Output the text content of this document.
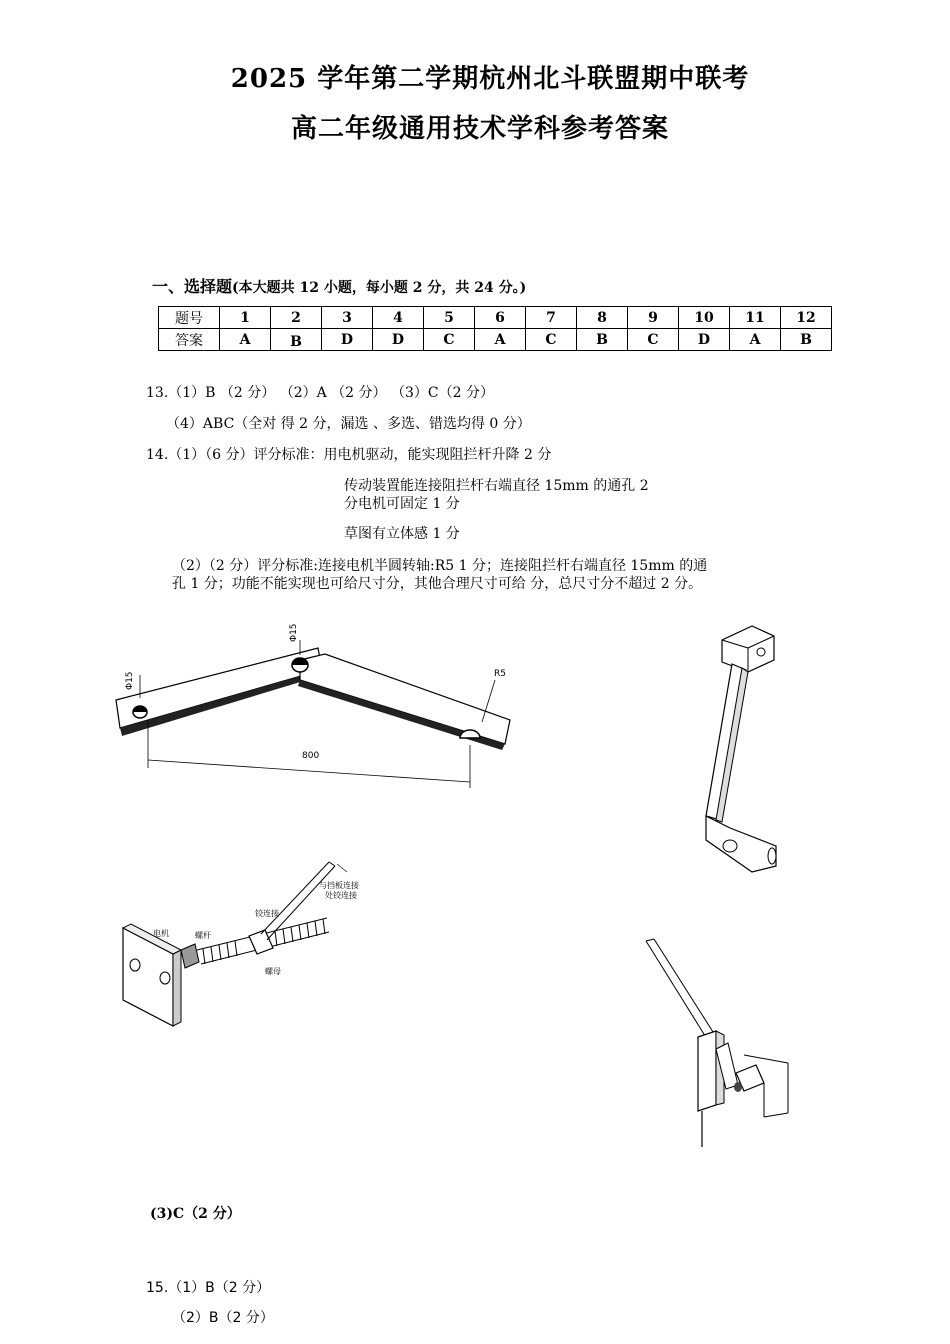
2025 学年第二学期杭州北斗联盟期中联考
高二年级通用技术学科参考答案
一、选择题(本大题共 12 小题，每小题 2 分，共 24 分。)
题号	1	2	3	4	5	6	7	8	9	10	11	12
答案	A	B	D	D	C	A	C	B	C	D	A	B
13.（1）B （2 分） （2）A （2 分） （3）C（2 分）
（4）ABC（全对 得 2 分，漏选 、多选、错选均得 0 分）
14.（1）（6 分）评分标准：用电机驱动，能实现阻拦杆升降 2 分
传动装置能连接阻拦杆右端直径 15mm 的通孔 2
分电机可固定 1 分
草图有立体感 1 分
（2）（2 分）评分标准:连接电机半圆转轴:R5 1 分；连接阻拦杆右端直径 15mm 的通
孔 1 分；功能不能实现也可给尺寸分，其他合理尺寸可给 分，总尺寸分不超过 2 分。
Φ15
Φ15
R5
800
电机	螺杆
铰连接
螺母
与挡板连接
处铰连接
(3)C（2 分）
15.（1）B（2 分）
（2）B（2 分）
